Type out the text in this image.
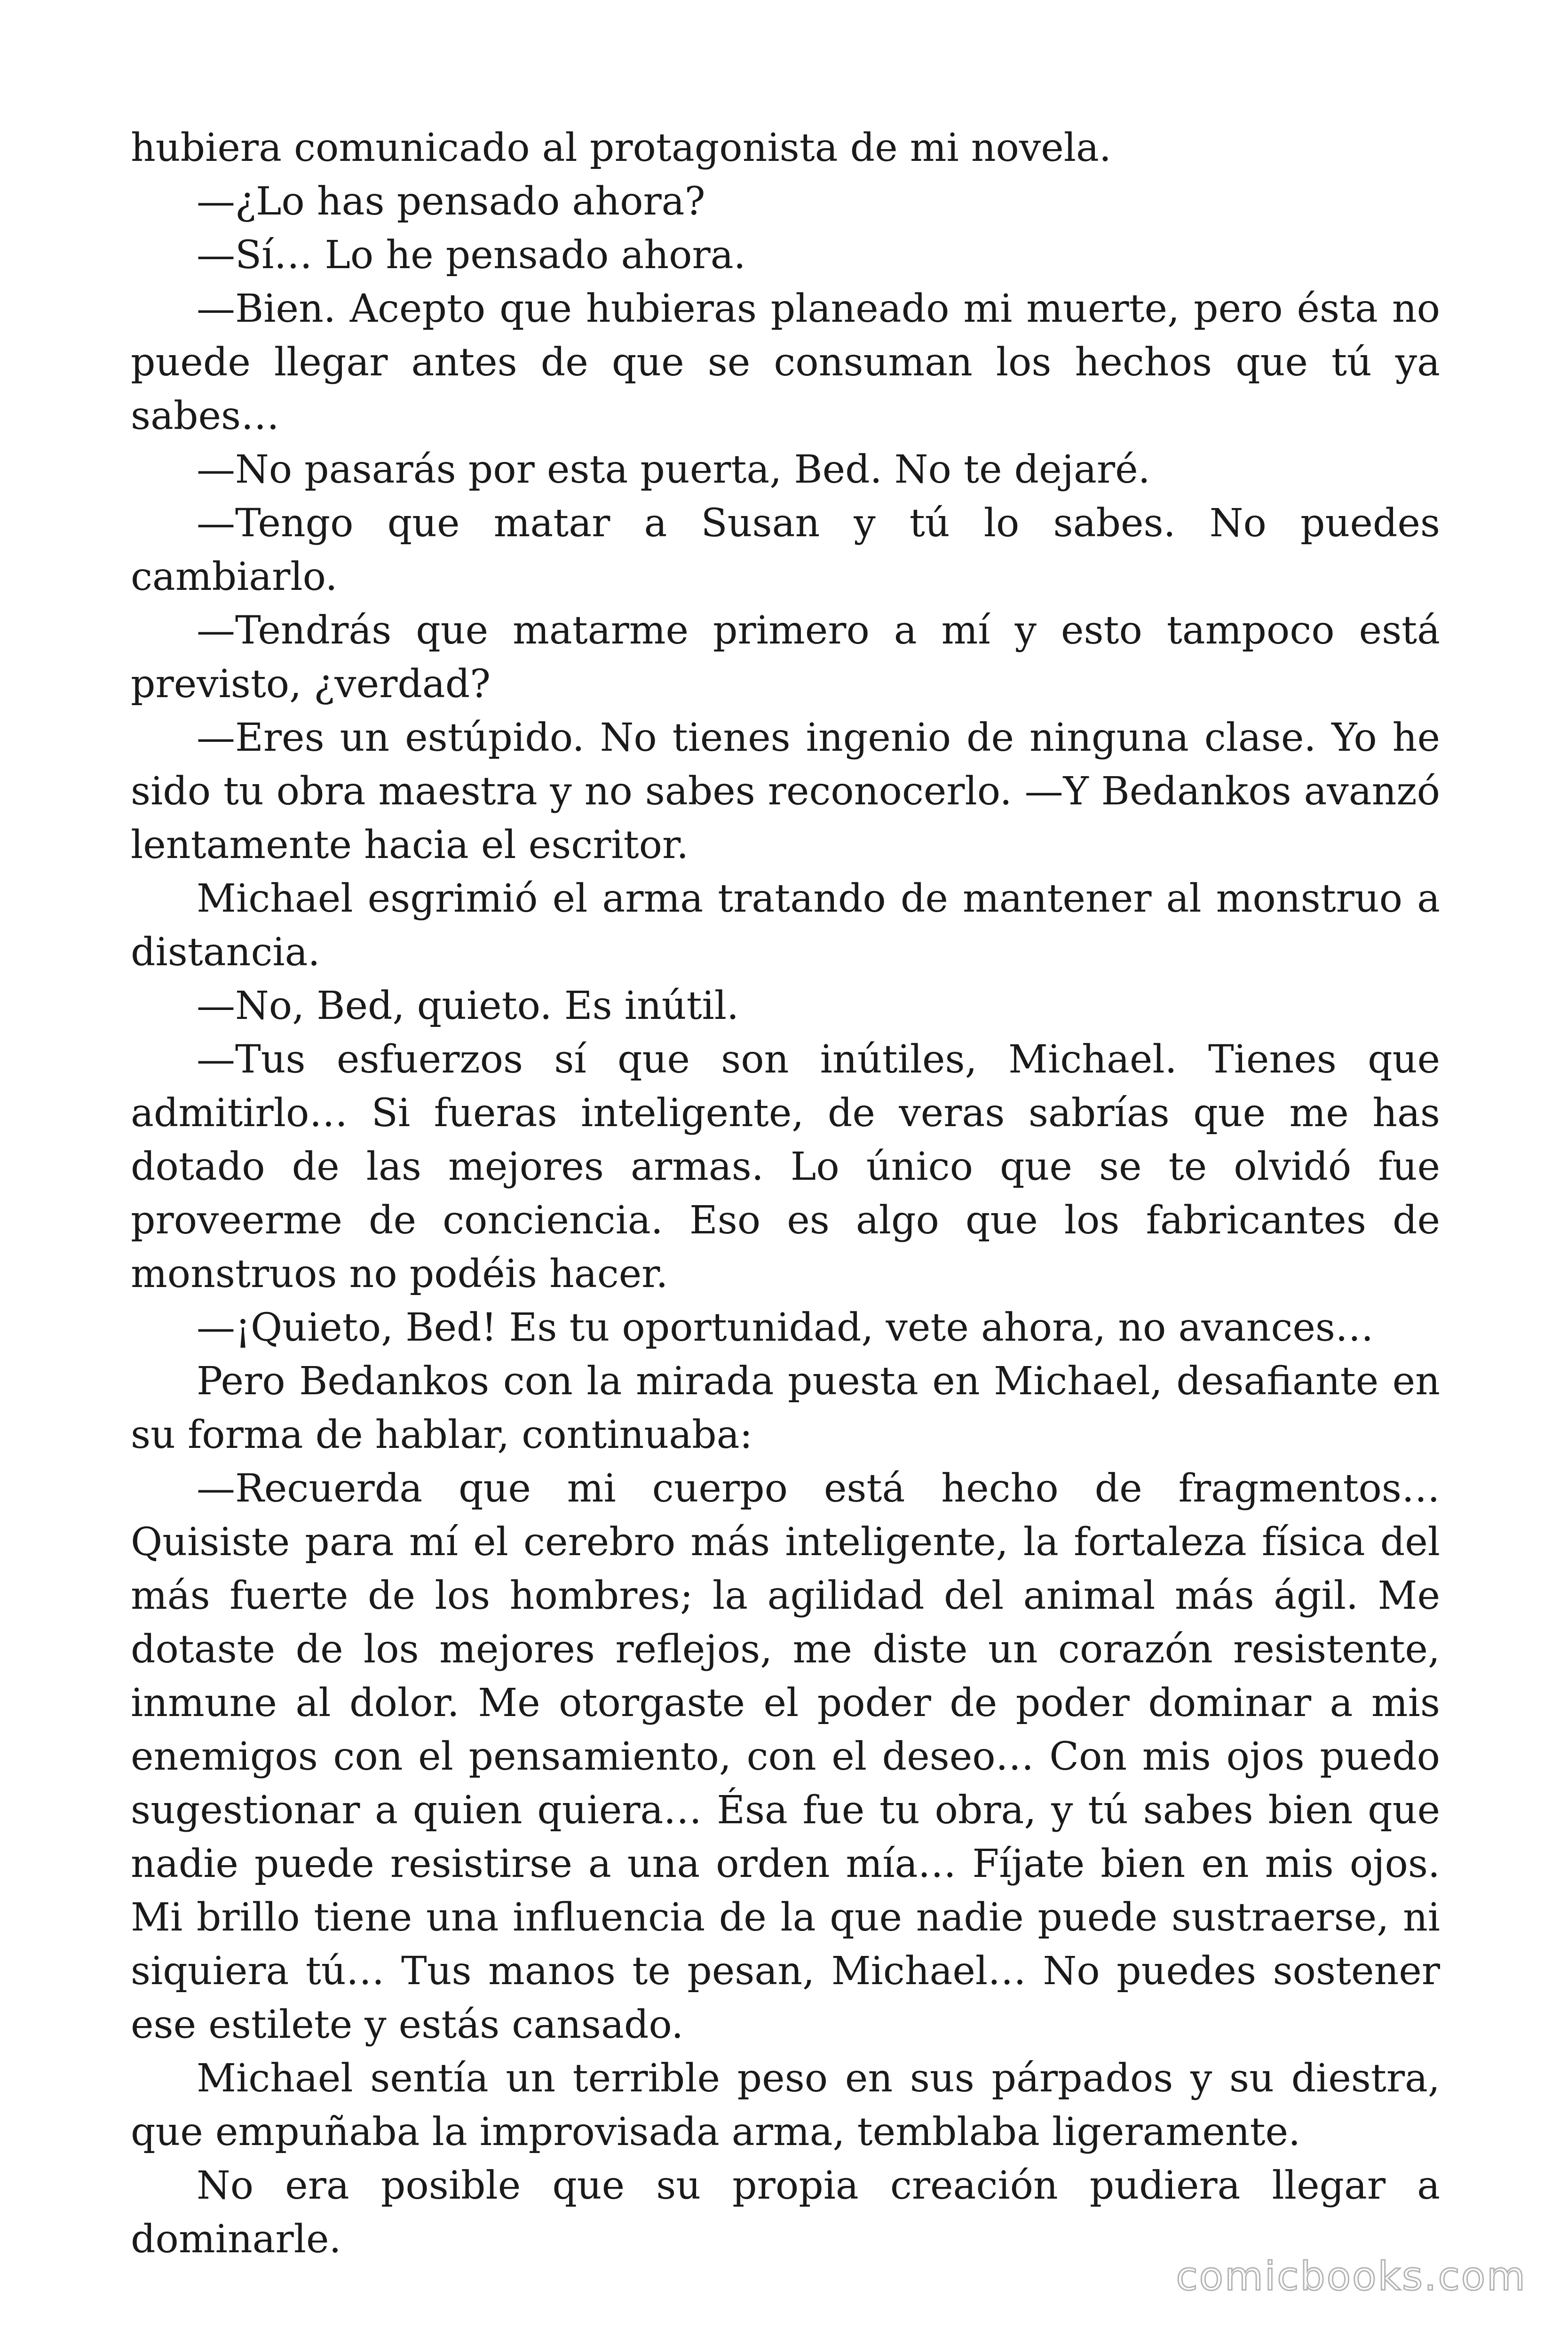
hubiera comunicado al protagonista de mi novela.

—¿Lo has pensado ahora?

—Sí… Lo he pensado ahora.

—Bien. Acepto que hubieras planeado mi muerte, pero ésta no puede llegar antes de que se consuman los hechos que tú ya sabes…

—No pasarás por esta puerta, Bed. No te dejaré.

—Tengo que matar a Susan y tú lo sabes. No puedes cambiarlo.

—Tendrás que matarme primero a mí y esto tampoco está previsto, ¿verdad?

—Eres un estúpido. No tienes ingenio de ninguna clase. Yo he sido tu obra maestra y no sabes reconocerlo. —Y Bedankos avanzó lentamente hacia el escritor.

Michael esgrimió el arma tratando de mantener al monstruo a distancia.

—No, Bed, quieto. Es inútil.

—Tus esfuerzos sí que son inútiles, Michael. Tienes que admitirlo… Si fueras inteligente, de veras sabrías que me has dotado de las mejores armas. Lo único que se te olvidó fue proveerme de conciencia. Eso es algo que los fabricantes de monstruos no podéis hacer.

—¡Quieto, Bed! Es tu oportunidad, vete ahora, no avances…

Pero Bedankos con la mirada puesta en Michael, desafiante en su forma de hablar, continuaba:

—Recuerda que mi cuerpo está hecho de fragmentos… Quisiste para mí el cerebro más inteligente, la fortaleza física del más fuerte de los hombres; la agilidad del animal más ágil. Me dotaste de los mejores reflejos, me diste un corazón resistente, inmune al dolor. Me otorgaste el poder de poder dominar a mis enemigos con el pensamiento, con el deseo… Con mis ojos puedo sugestionar a quien quiera… Ésa fue tu obra, y tú sabes bien que nadie puede resistirse a una orden mía… Fíjate bien en mis ojos. Mi brillo tiene una influencia de la que nadie puede sustraerse, ni siquiera tú… Tus manos te pesan, Michael… No puedes sostener ese estilete y estás cansado.

Michael sentía un terrible peso en sus párpados y su diestra, que empuñaba la improvisada arma, temblaba ligeramente.

No era posible que su propia creación pudiera llegar a dominarle.

comicbooks.com
